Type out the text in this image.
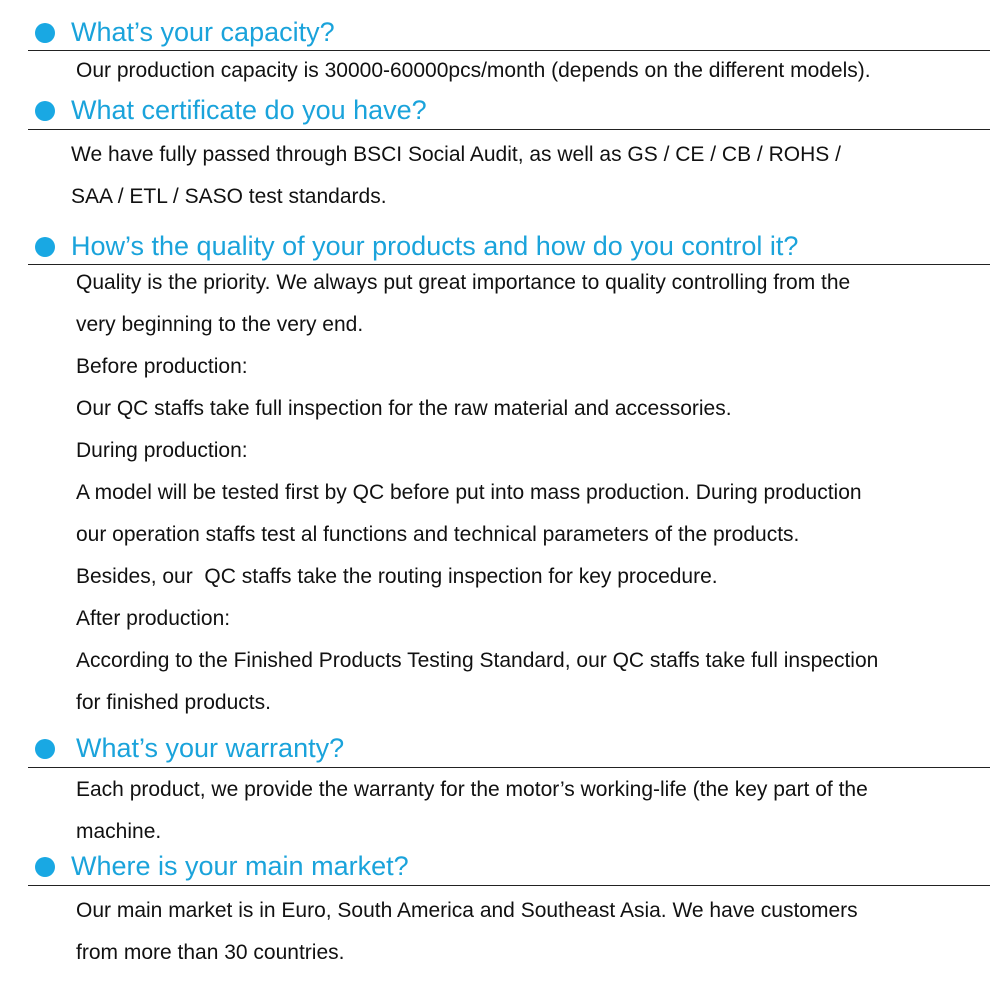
What’s your capacity?
Our production capacity is 30000-60000pcs/month (depends on the different models).
What certificate do you have?
We have fully passed through BSCI Social Audit, as well as GS / CE / CB / ROHS /
SAA / ETL / SASO test standards.
How’s the quality of your products and how do you control it?
Quality is the priority. We always put great importance to quality controlling from the
very beginning to the very end.
Before production:
Our QC staffs take full inspection for the raw material and accessories.
During production:
A model will be tested first by QC before put into mass production. During production
our operation staffs test al functions and technical parameters of the products.
Besides, our  QC staffs take the routing inspection for key procedure.
After production:
According to the Finished Products Testing Standard, our QC staffs take full inspection
for finished products.
What’s your warranty?
Each product, we provide the warranty for the motor’s working-life (the key part of the
machine.
Where is your main market?
Our main market is in Euro, South America and Southeast Asia. We have customers
from more than 30 countries.
